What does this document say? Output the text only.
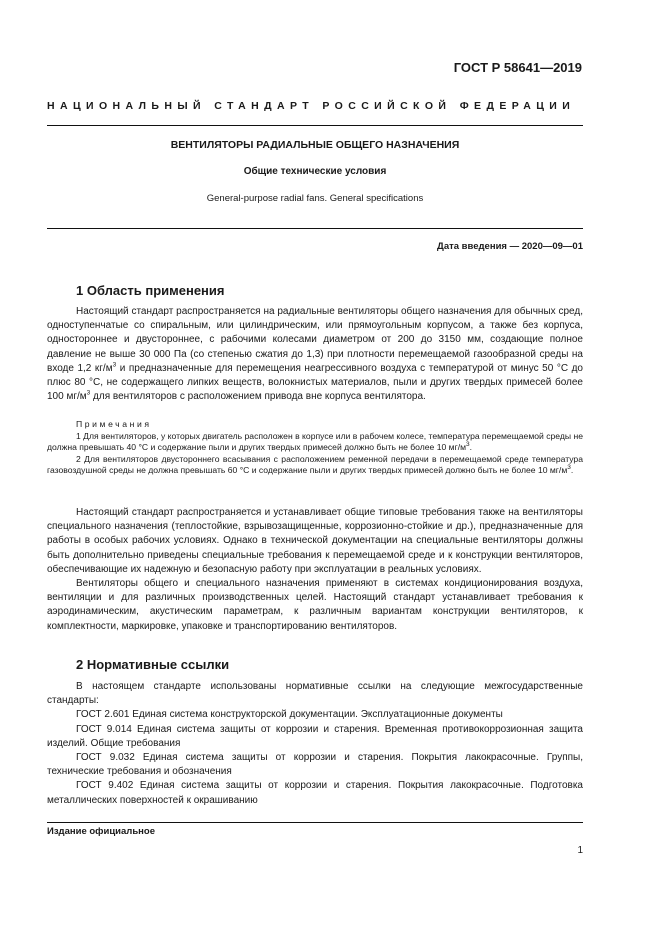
ГОСТ Р 58641—2019
НАЦИОНАЛЬНЫЙ СТАНДАРТ РОССИЙСКОЙ ФЕДЕРАЦИИ
ВЕНТИЛЯТОРЫ РАДИАЛЬНЫЕ ОБЩЕГО НАЗНАЧЕНИЯ
Общие технические условия
General-purpose radial fans. General specifications
Дата введения — 2020—09—01
1 Область применения

Настоящий стандарт распространяется на радиальные вентиляторы общего назначения для обычных сред, одноступенчатые со спиральным, или цилиндрическим, или прямоугольным корпусом, а также без корпуса, одностороннее и двустороннее, с рабочими колесами диаметром от 200 до 3150 мм, создающие полное давление не выше 30 000 Па (со степенью сжатия до 1,3) при плотности перемещаемой газообразной среды на входе 1,2 $кг/м^3$ и предназначенные для перемещения неагрессивного воздуха с температурой от минус 50 °С до плюс 80 °С, не содержащего липких веществ, волокнистых материалов, пыли и других твердых примесей более 100 $мг/м^3$ для вентиляторов с расположением привода вне корпуса вентилятора.

Примечания

1 Для вентиляторов, у которых двигатель расположен в корпусе или в рабочем колесе, температура перемещаемой среды не должна превышать 40 °С и содержание пыли и других твердых примесей должно быть не более 10 $мг/м^3$.

2 Для вентиляторов двустороннего всасывания с расположением ременной передачи в перемещаемой среде температура газовоздушной среды не должна превышать 60 °С и содержание пыли и других твердых примесей должно быть не более 10 $мг/м^3$.

Настоящий стандарт распространяется и устанавливает общие типовые требования также на вентиляторы специального назначения (теплостойкие, взрывозащищенные, коррозионно-стойкие и др.), предназначенные для работы в особых рабочих условиях. Однако в технической документации на специальные вентиляторы должны быть дополнительно приведены специальные требования к перемещаемой среде и к конструкции вентиляторов, обеспечивающие их надежную и безопасную работу при эксплуатации в реальных условиях.

Вентиляторы общего и специального назначения применяют в системах кондиционирования воздуха, вентиляции и для различных производственных целей. Настоящий стандарт устанавливает требования к аэродинамическим, акустическим параметрам, к различным вариантам конструкции вентиляторов, к комплектности, маркировке, упаковке и транспортированию вентиляторов.

2 Нормативные ссылки

В настоящем стандарте использованы нормативные ссылки на следующие межгосударственные стандарты:

ГОСТ 2.601 Единая система конструкторской документации. Эксплуатационные документы

ГОСТ 9.014 Единая система защиты от коррозии и старения. Временная противокоррозионная защита изделий. Общие требования

ГОСТ 9.032 Единая система защиты от коррозии и старения. Покрытия лакокрасочные. Группы, технические требования и обозначения

ГОСТ 9.402 Единая система защиты от коррозии и старения. Покрытия лакокрасочные. Подготовка металлических поверхностей к окрашиванию

Издание официальное
1
